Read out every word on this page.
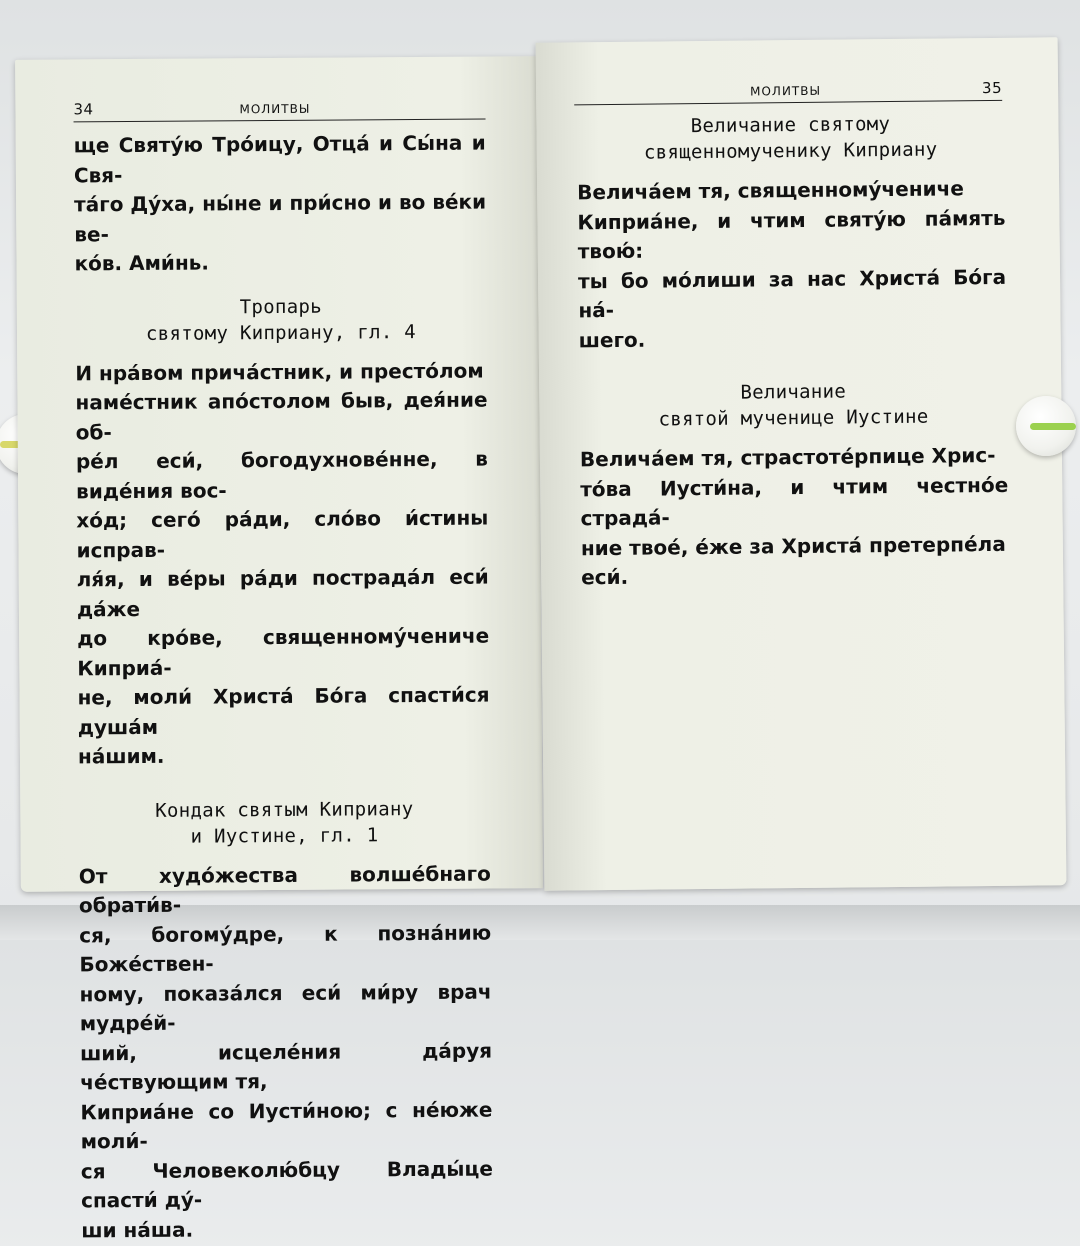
34	МОЛИТВЫ

ще Святу́ю Тро́ицу, Отца́ и Сы́на и Свя-
та́го Ду́ха, ны́не и при́сно и во ве́ки ве-
ко́в. Ами́нь.

Тропарь
святому Киприану, гл. 4

И нра́вом прича́стник, и престо́лом
наме́стник апо́столом быв, дея́ние об-
ре́л еси́, богодухнове́нне, в виде́ния вос-
хо́д; сего́ ра́ди, сло́во и́стины исправ-
ля́я, и ве́ры ра́ди пострада́л еси́ да́же
до кро́ве, священному́чениче Киприа́-
не, моли́ Христа́ Бо́га спасти́ся душа́м
на́шим.

Кондак святым Киприану
и Иустине, гл. 1

От худо́жества волше́бнаго обрати́в-
ся, богому́дре, к позна́нию Боже́ствен-
ному, показа́лся еси́ ми́ру врач мудре́й-
ший, исцеле́ния да́руя че́ствующим тя,
Киприа́не со Иусти́ною; с не́юже моли́-
ся Человеколю́бцу Влады́це спасти́ ду́-
ши на́ша.

МОЛИТВЫ	35
Величание святому
священномученику Киприану

Велича́ем тя, священному́чениче
Киприа́не, и чтим святу́ю па́мять твою́:
ты бо мо́лиши за нас Христа́ Бо́га на́-
шего.

Величание
святой мученице Иустине

Велича́ем тя, страстоте́рпице Хрис-
то́ва Иусти́на, и чтим честно́е страда́-
ние твое́, е́же за Христа́ претерпе́ла
еси́.
